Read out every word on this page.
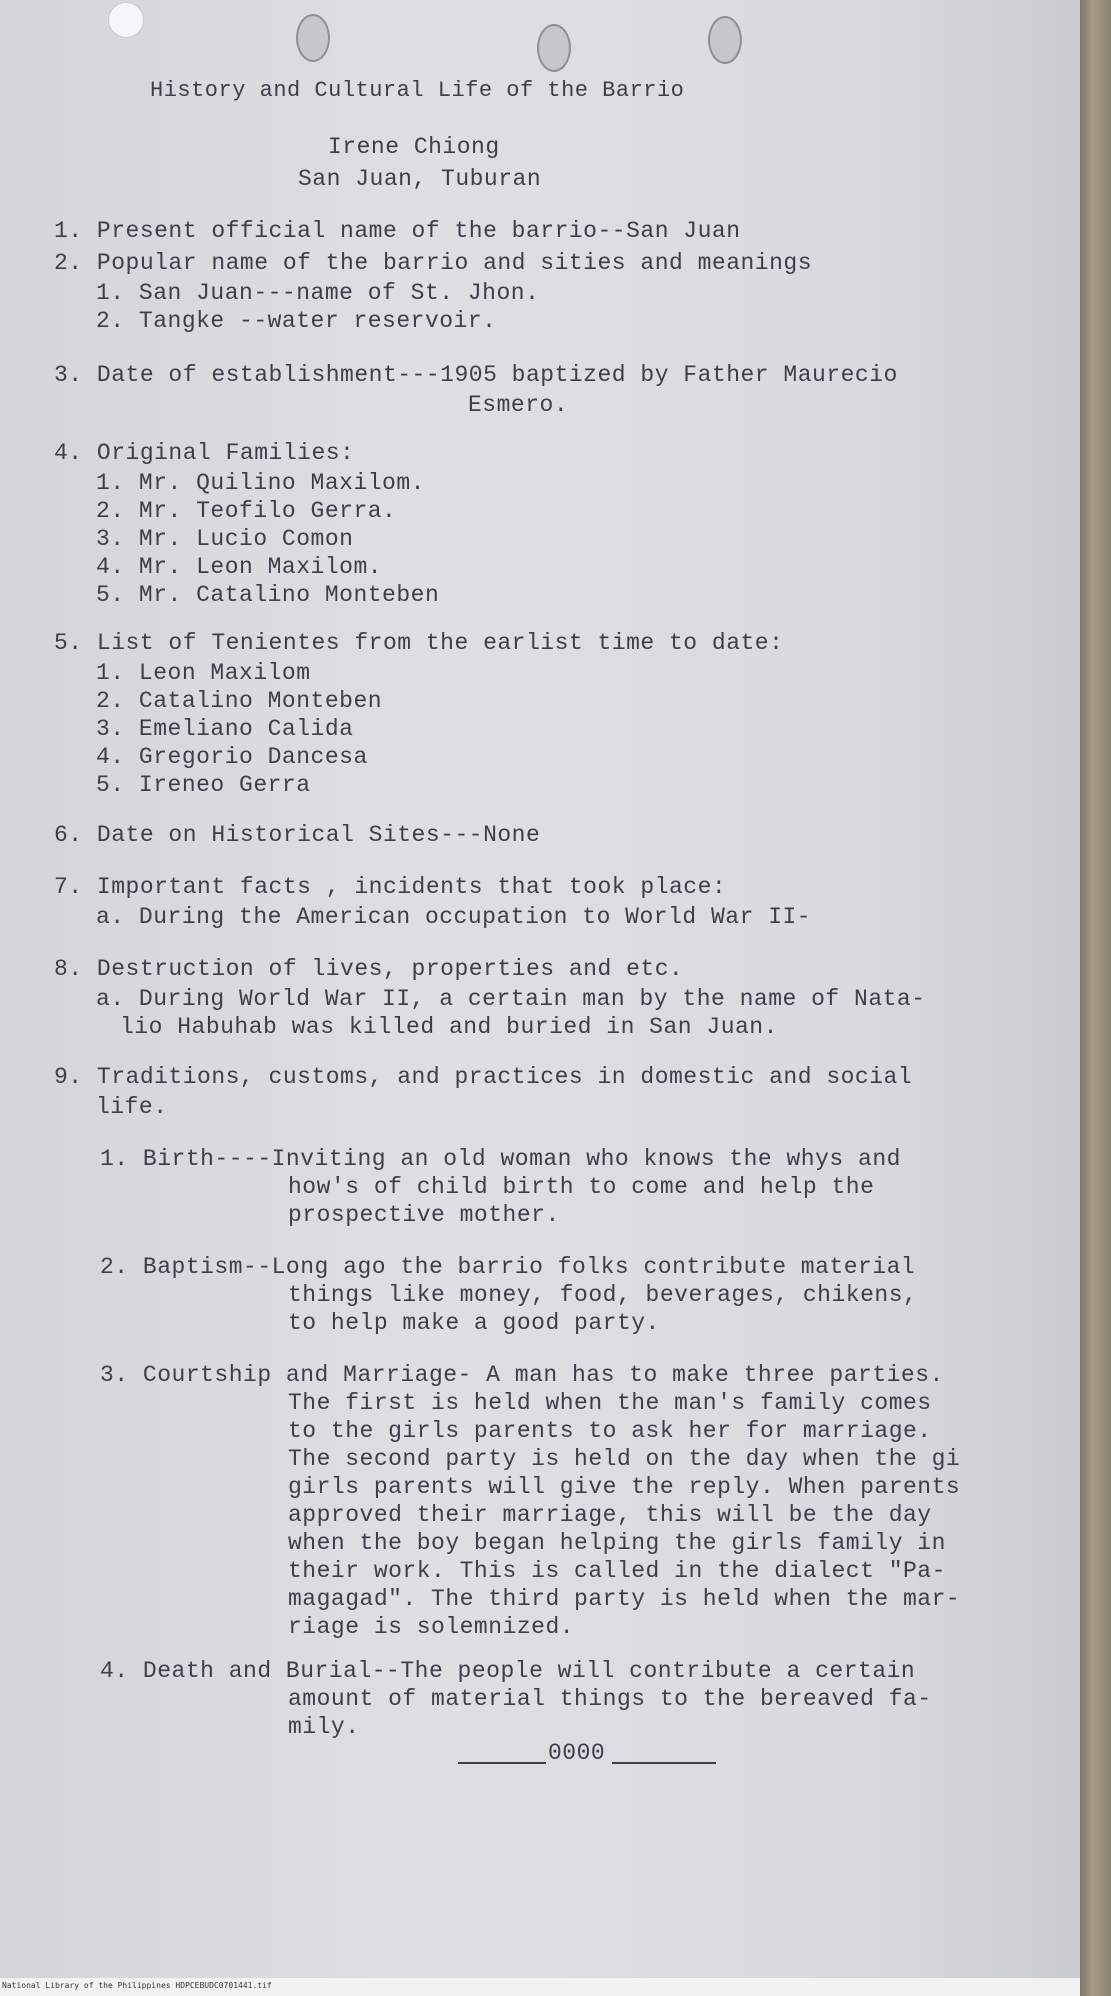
History and Cultural Life of the Barrio
Irene Chiong
San Juan, Tuburan
1. Present official name of the barrio--San Juan
2. Popular name of the barrio and sities and meanings
1. San Juan---name of St. Jhon.
2. Tangke --water reservoir.
3. Date of establishment---1905 baptized by Father Maurecio
Esmero.
4. Original Families:
1. Mr. Quilino Maxilom.
2. Mr. Teofilo Gerra.
3. Mr. Lucio Comon
4. Mr. Leon Maxilom.
5. Mr. Catalino Monteben
5. List of Tenientes from the earlist time to date:
1. Leon Maxilom
2. Catalino Monteben
3. Emeliano Calida
4. Gregorio Dancesa
5. Ireneo Gerra
6. Date on Historical Sites---None
7. Important facts , incidents that took place:
a. During the American occupation to World War II-
8. Destruction of lives, properties and etc.
a. During World War II, a certain man by the name of Nata-
lio Habuhab was killed and buried in San Juan.
9. Traditions, customs, and practices in domestic and social
life.
1. Birth----Inviting an old woman who knows the whys and
how's of child birth to come and help the
prospective mother.
2. Baptism--Long ago the barrio folks contribute material
things like money, food, beverages, chikens,
to help make a good party.
3. Courtship and Marriage- A man has to make three parties.
The first is held when the man's family comes
to the girls parents to ask her for marriage.
The second party is held on the day when the gi
girls parents will give the reply. When parents
approved their marriage, this will be the day
when the boy began helping the girls family in
their work. This is called in the dialect "Pa-
magagad". The third party is held when the mar-
riage is solemnized.
4. Death and Burial--The people will contribute a certain
amount of material things to the bereaved fa-
mily.
0000
National Library of the Philippines HDPCEBUDC0701441.tif
